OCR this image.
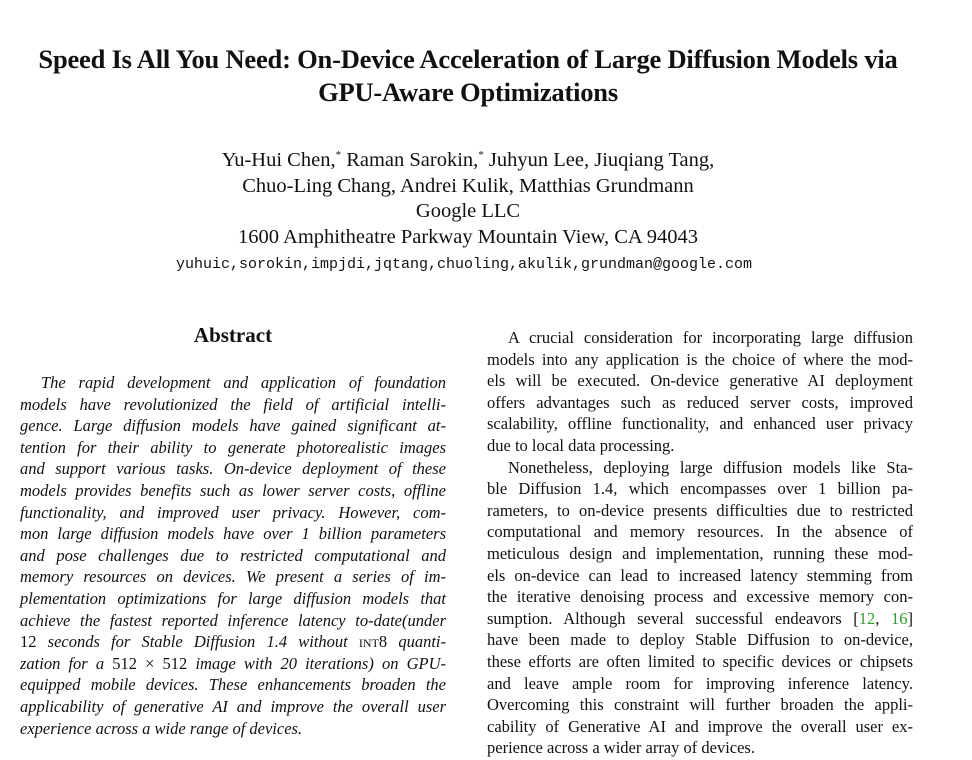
Speed Is All You Need: On-Device Acceleration of Large Diffusion Models via
GPU-Aware Optimizations
Yu-Hui Chen,* Raman Sarokin,* Juhyun Lee, Jiuqiang Tang,
Chuo-Ling Chang, Andrei Kulik, Matthias Grundmann
Google LLC
1600 Amphitheatre Parkway Mountain View, CA 94043
yuhuic,sorokin,impjdi,jqtang,chuoling,akulik,grundman@google.com
Abstract
The rapid development and application of foundation
models have revolutionized the field of artificial intelli-
gence. Large diffusion models have gained significant at-
tention for their ability to generate photorealistic images
and support various tasks. On-device deployment of these
models provides benefits such as lower server costs, offline
functionality, and improved user privacy. However, com-
mon large diffusion models have over 1 billion parameters
and pose challenges due to restricted computational and
memory resources on devices. We present a series of im-
plementation optimizations for large diffusion models that
achieve the fastest reported inference latency to-date(under
12 seconds for Stable Diffusion 1.4 without int8 quanti-
zation for a 512 × 512 image with 20 iterations) on GPU-
equipped mobile devices. These enhancements broaden the
applicability of generative AI and improve the overall user
experience across a wide range of devices.
A crucial consideration for incorporating large diffusion
models into any application is the choice of where the mod-
els will be executed. On-device generative AI deployment
offers advantages such as reduced server costs, improved
scalability, offline functionality, and enhanced user privacy
due to local data processing.
Nonetheless, deploying large diffusion models like Sta-
ble Diffusion 1.4, which encompasses over 1 billion pa-
rameters, to on-device presents difficulties due to restricted
computational and memory resources. In the absence of
meticulous design and implementation, running these mod-
els on-device can lead to increased latency stemming from
the iterative denoising process and excessive memory con-
sumption. Although several successful endeavors [12, 16]
have been made to deploy Stable Diffusion to on-device,
these efforts are often limited to specific devices or chipsets
and leave ample room for improving inference latency.
Overcoming this constraint will further broaden the appli-
cability of Generative AI and improve the overall user ex-
perience across a wider array of devices.
